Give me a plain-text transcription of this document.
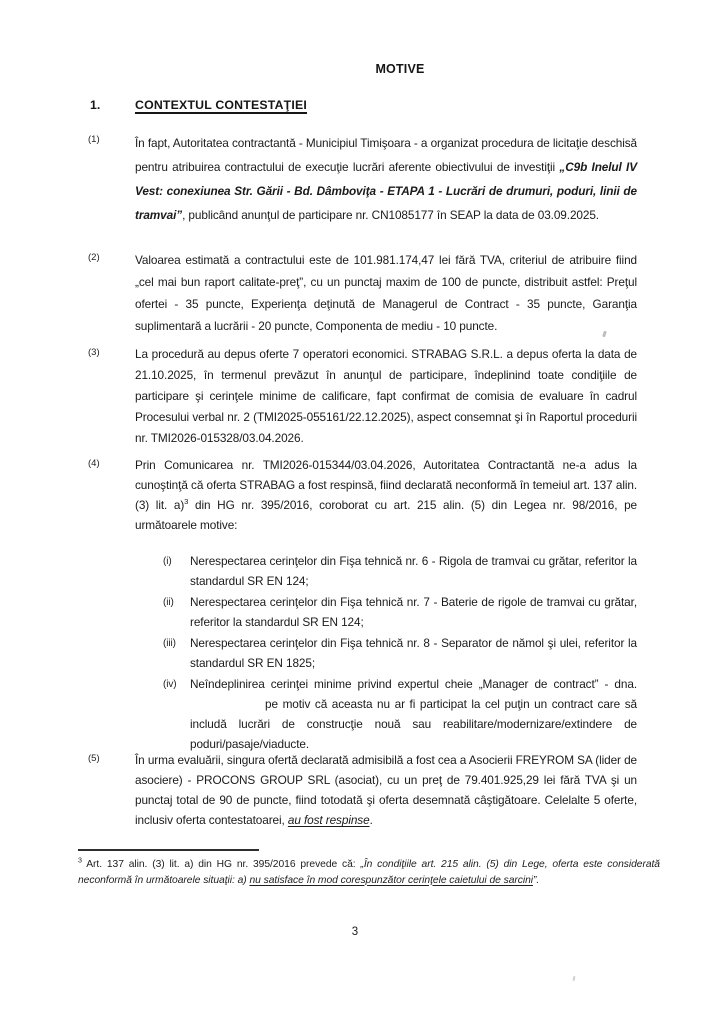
MOTIVE
1.	CONTEXTUL CONTESTAŢIEI
(1)	În fapt, Autoritatea contractantă - Municipiul Timişoara - a organizat procedura de licitaţie deschisă pentru atribuirea contractului de execuţie lucrări aferente obiectivului de investiţii „C9b Inelul IV Vest: conexiunea Str. Gării - Bd. Dâmboviţa - ETAPA 1 - Lucrări de drumuri, poduri, linii de tramvai”, publicând anunţul de participare nr. CN1085177 în SEAP la data de 03.09.2025.
(2)	Valoarea estimată a contractului este de 101.981.174,47 lei fără TVA, criteriul de atribuire fiind „cel mai bun raport calitate-preţ”, cu un punctaj maxim de 100 de puncte, distribuit astfel: Preţul ofertei - 35 puncte, Experienţa deţinută de Managerul de Contract - 35 puncte, Garanţia suplimentară a lucrării - 20 puncte, Componenta de mediu - 10 puncte.
(3)	La procedură au depus oferte 7 operatori economici. STRABAG S.R.L. a depus oferta la data de 21.10.2025, în termenul prevăzut în anunţul de participare, îndeplinind toate condiţiile de participare şi cerinţele minime de calificare, fapt confirmat de comisia de evaluare în cadrul Procesului verbal nr. 2 (TMI2025-055161/22.12.2025), aspect consemnat şi în Raportul procedurii nr. TMI2026-015328/03.04.2026.
(4)	Prin Comunicarea nr. TMI2026-015344/03.04.2026, Autoritatea Contractantă ne-a adus la cunoştinţă că oferta STRABAG a fost respinsă, fiind declarată neconformă în temeiul art. 137 alin. (3) lit. a)$^3$ din HG nr. 395/2016, coroborat cu art. 215 alin. (5) din Legea nr. 98/2016, pe următoarele motive:
(i) Nerespectarea cerinţelor din Fişa tehnică nr. 6 - Rigola de tramvai cu grătar, referitor la standardul SR EN 124;
(ii) Nerespectarea cerinţelor din Fişa tehnică nr. 7 - Baterie de rigole de tramvai cu grătar, referitor la standardul SR EN 124;
(iii) Nerespectarea cerinţelor din Fişa tehnică nr. 8 - Separator de nămol şi ulei, referitor la standardul SR EN 1825;
(iv) Neîndeplinirea cerinţei minime privind expertul cheie „Manager de contract” - dna.pe motiv că aceasta nu ar fi participat la cel puţin un contract care să includă lucrări de construcţie nouă sau reabilitare/modernizare/extindere de poduri/pasaje/viaducte.
(5)	În urma evaluării, singura ofertă declarată admisibilă a fost cea a Asocierii FREYROM SA (lider de asociere) - PROCONS GROUP SRL (asociat), cu un preţ de 79.401.925,29 lei fără TVA şi un punctaj total de 90 de puncte, fiind totodată şi oferta desemnată câştigătoare. Celelalte 5 oferte, inclusiv oferta contestatoarei, au fost respinse.
$^3$ Art. 137 alin. (3) lit. a) din HG nr. 395/2016 prevede că: „În condiţiile art. 215 alin. (5) din Lege, oferta este considerată neconformă în următoarele situaţii: a) nu satisface în mod corespunzător cerinţele caietului de sarcini”.
3
